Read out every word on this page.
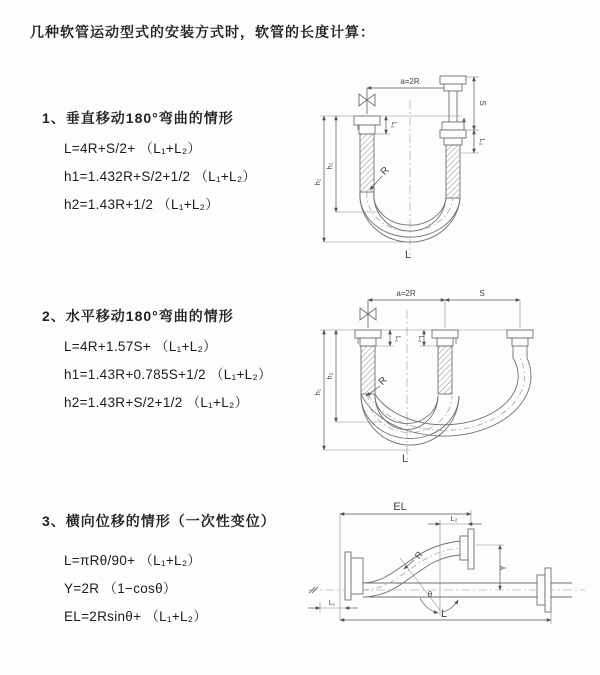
几种软管运动型式的安装方式时，软管的长度计算：
1、垂直移动180°弯曲的情形
L=4R+S/2+ （L₁+L₂）
h1=1.432R+S/2+1/2 （L₁+L₂）
h2=1.43R+1/2 （L₁+L₂）
2、水平移动180°弯曲的情形
L=4R+1.57S+ （L₁+L₂）
h1=1.43R+0.785S+1/2 （L₁+L₂）
h2=1.43R+S/2+1/2 （L₁+L₂）
3、横向位移的情形（一次性变位）
L=πRθ/90+ （L₁+L₂）
Y=2R （1−cosθ）
EL=2Rsinθ+ （L₁+L₂）
a=2R
L₁
S
L₂
h₁
h₂	R
L
a=2R	S
L₁ L₂
h₁
h₂	R
L
EL
L₂
Y
L
L₁
R
θ
